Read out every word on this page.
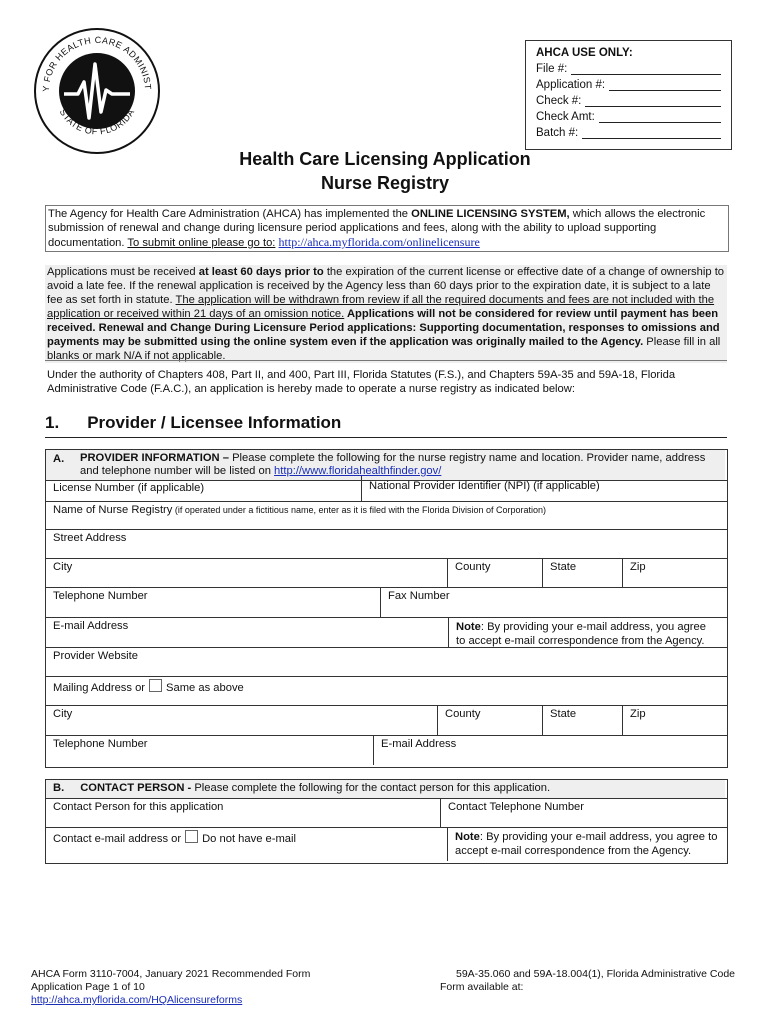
Y FOR HEALTH CARE ADMINIST
STATE OF FLORIDA
AHCA USE ONLY:
File #:
Application #:
Check #:
Check Amt:
Batch #:
Health Care Licensing Application
Nurse Registry
The Agency for Health Care Administration (AHCA) has implemented the ONLINE LICENSING SYSTEM, which allows the electronic submission of renewal and change during licensure period applications and fees, along with the ability to upload supporting documentation. To submit online please go to: http://ahca.myflorida.com/onlinelicensure
Applications must be received at least 60 days prior to the expiration of the current license or effective date of a change of ownership to avoid a late fee. If the renewal application is received by the Agency less than 60 days prior to the expiration date, it is subject to a late fee as set forth in statute. The application will be withdrawn from review if all the required documents and fees are not included with the application or received within 21 days of an omission notice. Applications will not be considered for review until payment has been received. Renewal and Change During Licensure Period applications: Supporting documentation, responses to omissions and payments may be submitted using the online system even if the application was originally mailed to the Agency. Please fill in all blanks or mark N/A if not applicable.
Under the authority of Chapters 408, Part II, and 400, Part III, Florida Statutes (F.S.), and Chapters 59A-35 and 59A-18, Florida Administrative Code (F.A.C.), an application is hereby made to operate a nurse registry as indicated below:
1. Provider / Licensee Information
A. PROVIDER INFORMATION – Please complete the following for the nurse registry name and location. Provider name, address and telephone number will be listed on http://www.floridahealthfinder.gov/
License Number (if applicable)	National Provider Identifier (NPI) (if applicable)
Name of Nurse Registry (if operated under a fictitious name, enter as it is filed with the Florida Division of Corporation)
Street Address
City	County	State	Zip
Telephone Number	Fax Number
E-mail Address	Note: By providing your e-mail address, you agree to accept e-mail correspondence from the Agency.
Provider Website
Mailing Address or Same as above
City	County	State	Zip
Telephone Number	E-mail Address
B. CONTACT PERSON - Please complete the following for the contact person for this application.
Contact Person for this application	Contact Telephone Number
Contact e-mail address or Do not have e-mail	Note: By providing your e-mail address, you agree to accept e-mail correspondence from the Agency.
AHCA Form 3110-7004, January 2021 Recommended Form
Application Page 1 of 10
http://ahca.myflorida.com/HQAlicensureforms
59A-35.060 and 59A-18.004(1), Florida Administrative Code
Form available at:
